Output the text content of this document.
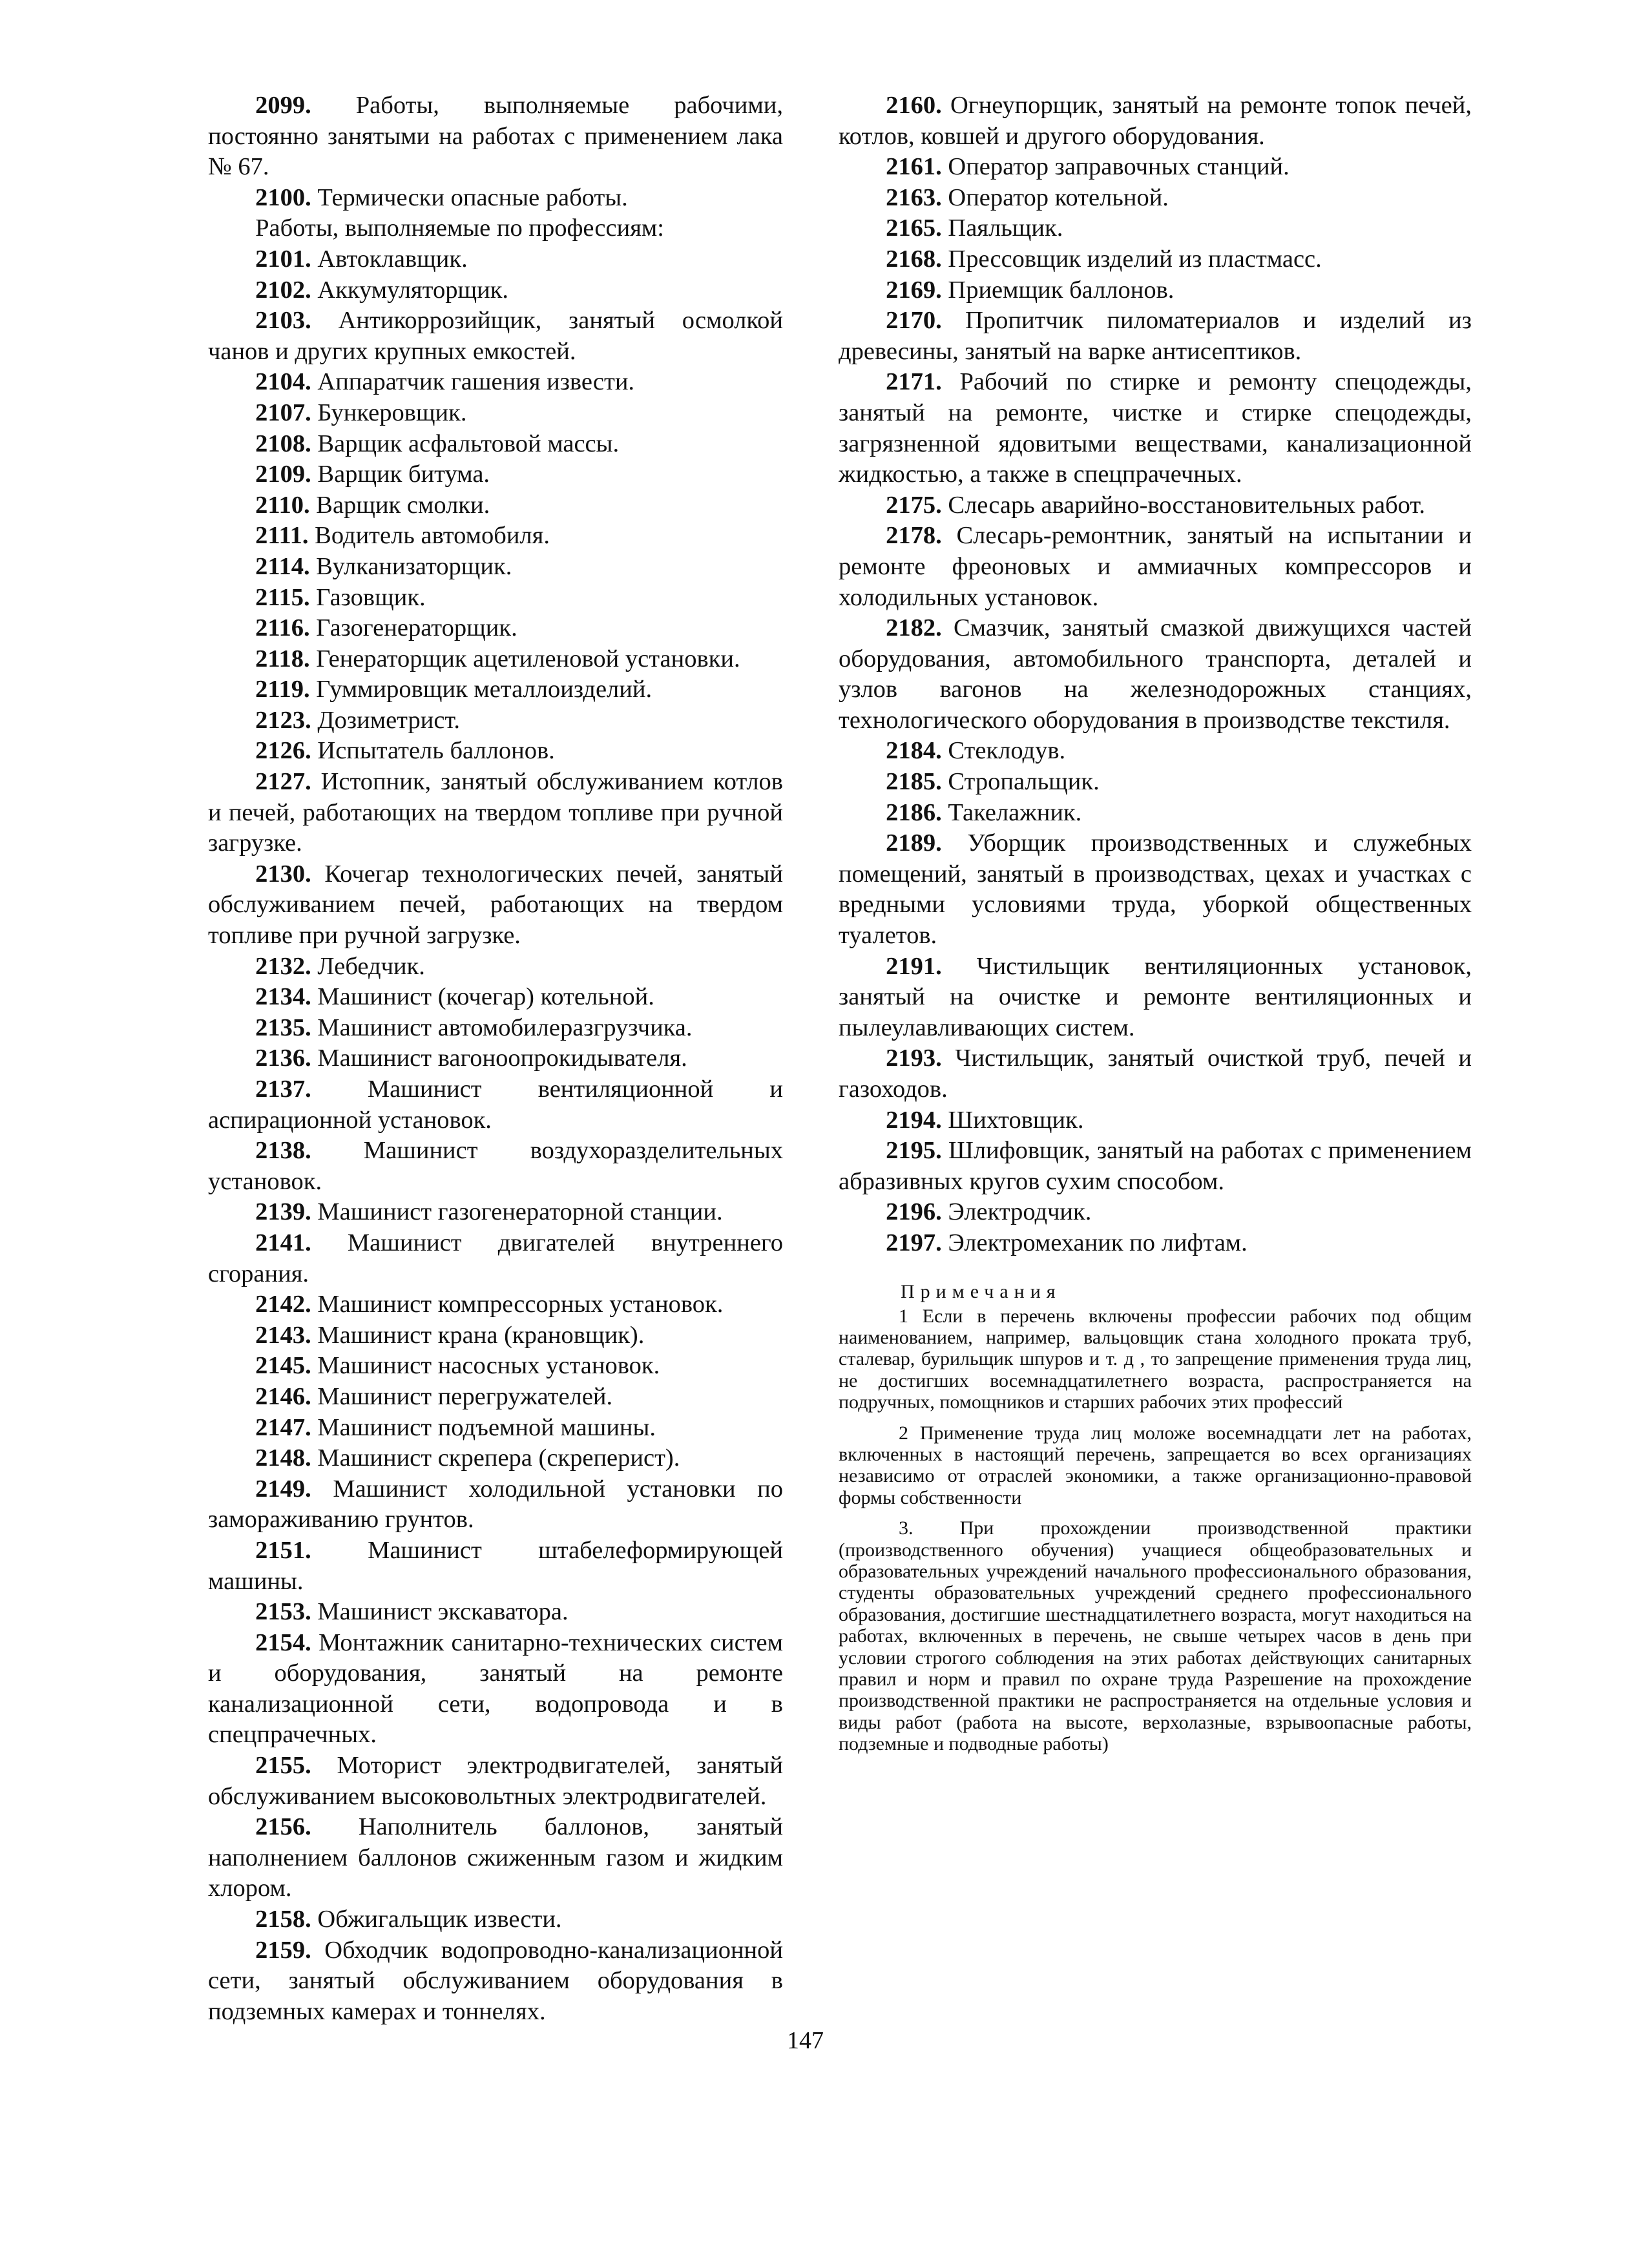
2099. Работы, выполняемые рабочими, постоянно занятыми на работах с применением лака № 67.

2100. Термически опасные работы.

Работы, выполняемые по профессиям:

2101. Автоклавщик.

2102. Аккумуляторщик.

2103. Антикоррозийщик, занятый осмолкой чанов и других крупных емкостей.

2104. Аппаратчик гашения извести.

2107. Бункеровщик.

2108. Варщик асфальтовой массы.

2109. Варщик битума.

2110. Варщик смолки.

2111. Водитель автомобиля.

2114. Вулканизаторщик.

2115. Газовщик.

2116. Газогенераторщик.

2118. Генераторщик ацетиленовой установки.

2119. Гуммировщик металлоизделий.

2123. Дозиметрист.

2126. Испытатель баллонов.

2127. Истопник, занятый обслуживанием котлов и печей, работающих на твердом топливе при ручной загрузке.

2130. Кочегар технологических печей, занятый обслуживанием печей, работающих на твердом топливе при ручной загрузке.

2132. Лебедчик.

2134. Машинист (кочегар) котельной.

2135. Машинист автомобилеразгрузчика.

2136. Машинист вагоноопрокидывателя.

2137. Машинист вентиляционной и аспирационной установок.

2138. Машинист воздухоразделительных установок.

2139. Машинист газогенераторной станции.

2141. Машинист двигателей внутреннего сгорания.

2142. Машинист компрессорных установок.

2143. Машинист крана (крановщик).

2145. Машинист насосных установок.

2146. Машинист перегружателей.

2147. Машинист подъемной машины.

2148. Машинист скрепера (скреперист).

2149. Машинист холодильной установки по замораживанию грунтов.

2151. Машинист штабелеформирующей машины.

2153. Машинист экскаватора.

2154. Монтажник санитарно-технических систем и оборудования, занятый на ремонте канализационной сети, водопровода и в спецпрачечных.

2155. Моторист электродвигателей, занятый обслуживанием высоковольтных электродвигателей.

2156. Наполнитель баллонов, занятый наполнением баллонов сжиженным газом и жидким хлором.

2158. Обжигальщик извести.

2159. Обходчик водопроводно-канализационной сети, занятый обслуживанием оборудования в подземных камерах и тоннелях.

2160. Огнеупорщик, занятый на ремонте топок печей, котлов, ковшей и другого оборудования.

2161. Оператор заправочных станций.

2163. Оператор котельной.

2165. Паяльщик.

2168. Прессовщик изделий из пластмасс.

2169. Приемщик баллонов.

2170. Пропитчик пиломатериалов и изделий из древесины, занятый на варке антисептиков.

2171. Рабочий по стирке и ремонту спецодежды, занятый на ремонте, чистке и стирке спецодежды, загрязненной ядовитыми веществами, канализационной жидкостью, а также в спецпрачечных.

2175. Слесарь аварийно-восстановительных работ.

2178. Слесарь-ремонтник, занятый на испытании и ремонте фреоновых и аммиачных компрессоров и холодильных установок.

2182. Смазчик, занятый смазкой движущихся частей оборудования, автомобильного транспорта, деталей и узлов вагонов на железнодорожных станциях, технологического оборудования в производстве текстиля.

2184. Стеклодув.

2185. Стропальщик.

2186. Такелажник.

2189. Уборщик производственных и служебных помещений, занятый в производствах, цехах и участках с вредными условиями труда, уборкой общественных туалетов.

2191. Чистильщик вентиляционных установок, занятый на очистке и ремонте вентиляционных и пылеулавливающих систем.

2193. Чистильщик, занятый очисткой труб, печей и газоходов.

2194. Шихтовщик.

2195. Шлифовщик, занятый на работах с применением абразивных кругов сухим способом.

2196. Электродчик.

2197. Электромеханик по лифтам.

Примечания

1 Если в перечень включены профессии рабочих под общим наименованием, например, вальцовщик стана холодного проката труб, сталевар, бурильщик шпуров и т. д , то запрещение применения труда лиц, не достигших восемнадцатилетнего возраста, распространяется на подручных, помощников и старших рабочих этих профессий

2 Применение труда лиц моложе восемнадцати лет на работах, включенных в настоящий перечень, запрещается во всех организациях независимо от отраслей экономики, а также организационно-правовой формы собственности

3. При прохождении производственной практики (производственного обучения) учащиеся общеобразовательных и образовательных учреждений начального профессионального образования, студенты образовательных учреждений среднего профессионального образования, достигшие шестнадцатилетнего возраста, могут находиться на работах, включенных в перечень, не свыше четырех часов в день при условии строгого соблюдения на этих работах действующих санитарных правил и норм и правил по охране труда Разрешение на прохождение производственной практики не распространяется на отдельные условия и виды работ (работа на высоте, верхолазные, взрывоопасные работы, подземные и подводные работы)

147
